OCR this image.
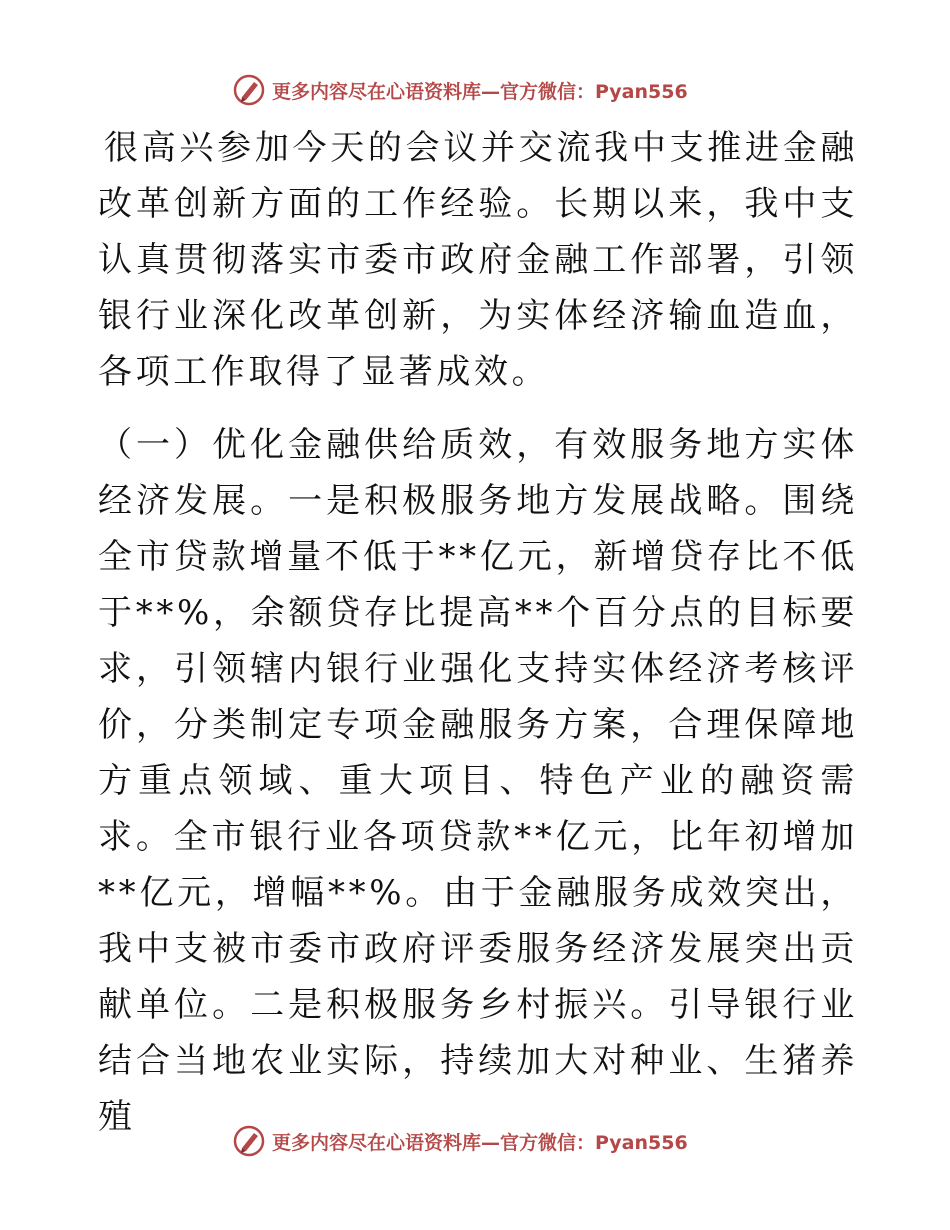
更多内容尽在心语资料库—官方微信：Pyan556

很高兴参加今天的会议并交流我中支推进金融改革创新方面的工作经验。长期以来，我中支认真贯彻落实市委市政府金融工作部署，引领银行业深化改革创新，为实体经济输血造血，各项工作取得了显著成效。

（一）优化金融供给质效，有效服务地方实体经济发展。一是积极服务地方发展战略。围绕全市贷款增量不低于**亿元，新增贷存比不低于**%，余额贷存比提高**个百分点的目标要求，引领辖内银行业强化支持实体经济考核评价，分类制定专项金融服务方案，合理保障地方重点领域、重大项目、特色产业的融资需求。全市银行业各项贷款**亿元，比年初增加**亿元，增幅**%。由于金融服务成效突出，我中支被市委市政府评委服务经济发展突出贡献单位。二是积极服务乡村振兴。引导银行业结合当地农业实际，持续加大对种业、生猪养殖

更多内容尽在心语资料库—官方微信：Pyan556
